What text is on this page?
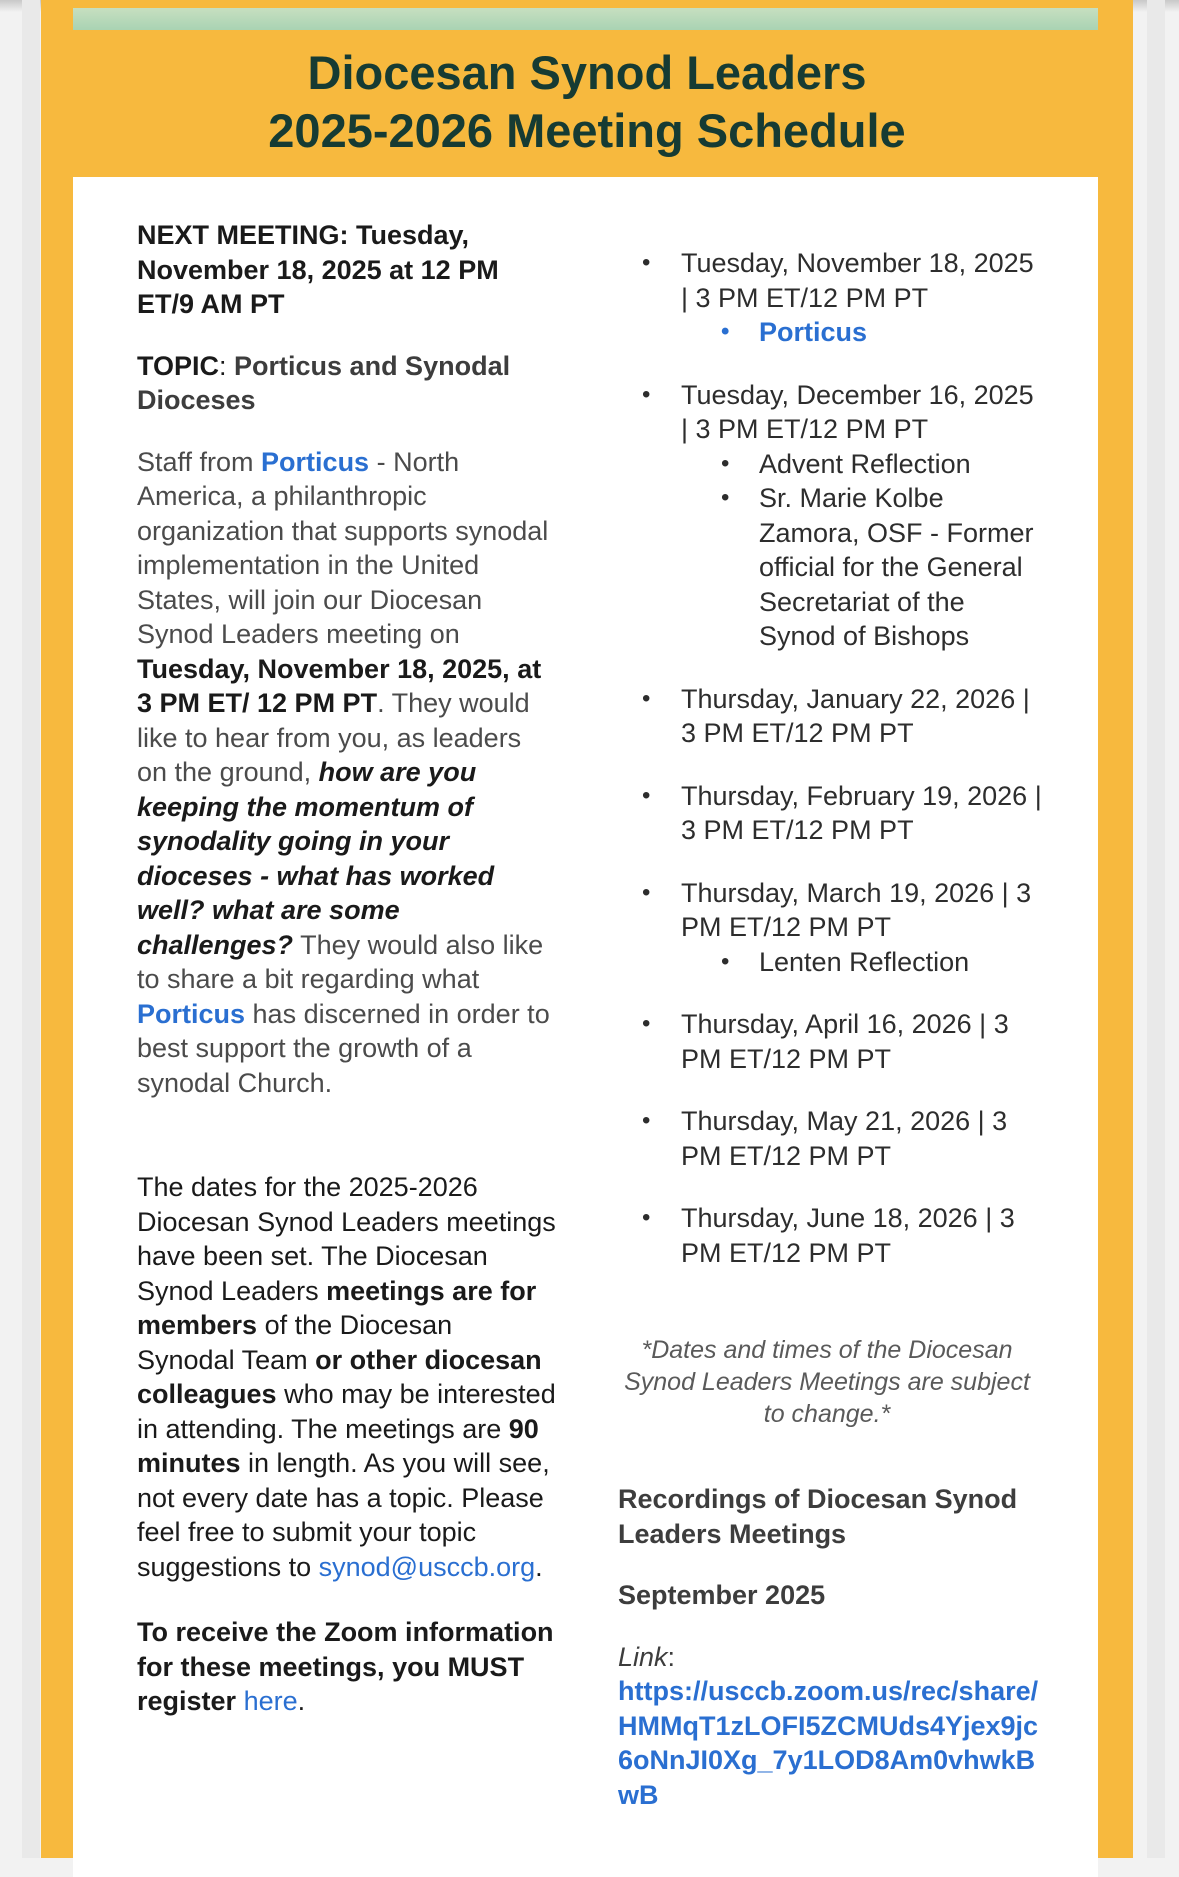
Diocesan Synod Leaders
2025-2026 Meeting Schedule

NEXT MEETING: Tuesday, November 18, 2025 at 12 PM ET/9 AM PT

TOPIC: Porticus and Synodal Dioceses

Staff from Porticus - North America, a philanthropic organization that supports synodal implementation in the United States, will join our Diocesan Synod Leaders meeting on Tuesday, November 18, 2025, at 3 PM ET/ 12 PM PT. They would like to hear from you, as leaders on the ground, how are you keeping the momentum of synodality going in your dioceses - what has worked well? what are some challenges? They would also like to share a bit regarding what Porticus has discerned in order to best support the growth of a synodal Church.

The dates for the 2025-2026 Diocesan Synod Leaders meetings have been set. The Diocesan Synod Leaders meetings are for members of the Diocesan Synodal Team or other diocesan colleagues who may be interested in attending. The meetings are 90 minutes in length. As you will see, not every date has a topic. Please feel free to submit your topic suggestions to synod@usccb.org.

To receive the Zoom information for these meetings, you MUST register here.

• Tuesday, November 18, 2025 | 3 PM ET/12 PM PT
• Porticus
• Tuesday, December 16, 2025 | 3 PM ET/12 PM PT
• Advent Reflection
• Sr. Marie Kolbe Zamora, OSF - Former official for the General Secretariat of the Synod of Bishops
• Thursday, January 22, 2026 | 3 PM ET/12 PM PT
• Thursday, February 19, 2026 | 3 PM ET/12 PM PT
• Thursday, March 19, 2026 | 3 PM ET/12 PM PT
• Lenten Reflection
• Thursday, April 16, 2026 | 3 PM ET/12 PM PT
• Thursday, May 21, 2026 | 3 PM ET/12 PM PT
• Thursday, June 18, 2026 | 3 PM ET/12 PM PT

*Dates and times of the Diocesan Synod Leaders Meetings are subject to change.*

Recordings of Diocesan Synod Leaders Meetings

September 2025

Link:

https://usccb.zoom.us/rec/share/HMMqT1zLOFI5ZCMUds4Yjex9jc6oNnJI0Xg_7y1LOD8Am0vhwkBwB
